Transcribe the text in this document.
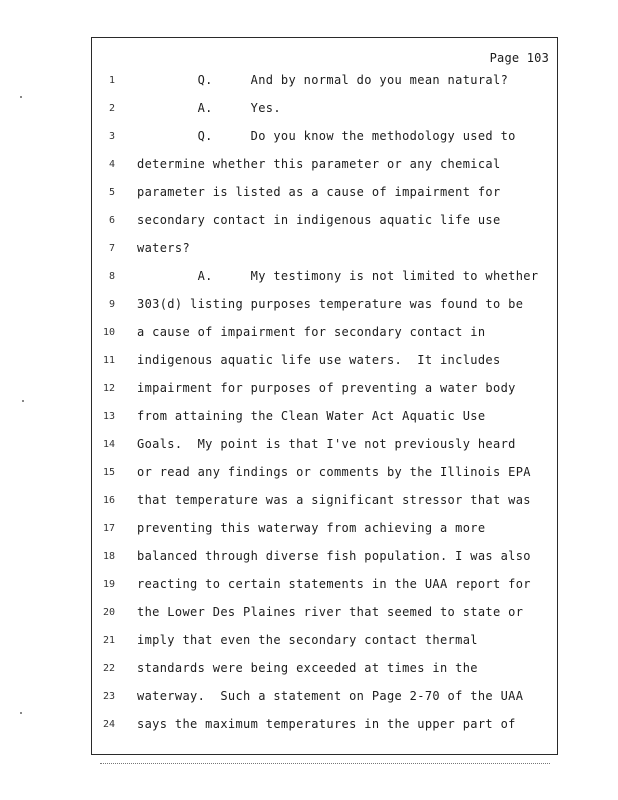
Page 103
1 Q.     And by normal do you mean natural?
2 A.     Yes.
3 Q.     Do you know the methodology used to
4 determine whether this parameter or any chemical
5 parameter is listed as a cause of impairment for
6 secondary contact in indigenous aquatic life use
7 waters?
8 A.     My testimony is not limited to whether
9 303(d) listing purposes temperature was found to be
10 a cause of impairment for secondary contact in
11 indigenous aquatic life use waters.  It includes
12 impairment for purposes of preventing a water body
13 from attaining the Clean Water Act Aquatic Use
14 Goals.  My point is that I've not previously heard
15 or read any findings or comments by the Illinois EPA
16 that temperature was a significant stressor that was
17 preventing this waterway from achieving a more
18 balanced through diverse fish population. I was also
19 reacting to certain statements in the UAA report for
20 the Lower Des Plaines river that seemed to state or
21 imply that even the secondary contact thermal
22 standards were being exceeded at times in the
23 waterway.  Such a statement on Page 2-70 of the UAA
24 says the maximum temperatures in the upper part of
